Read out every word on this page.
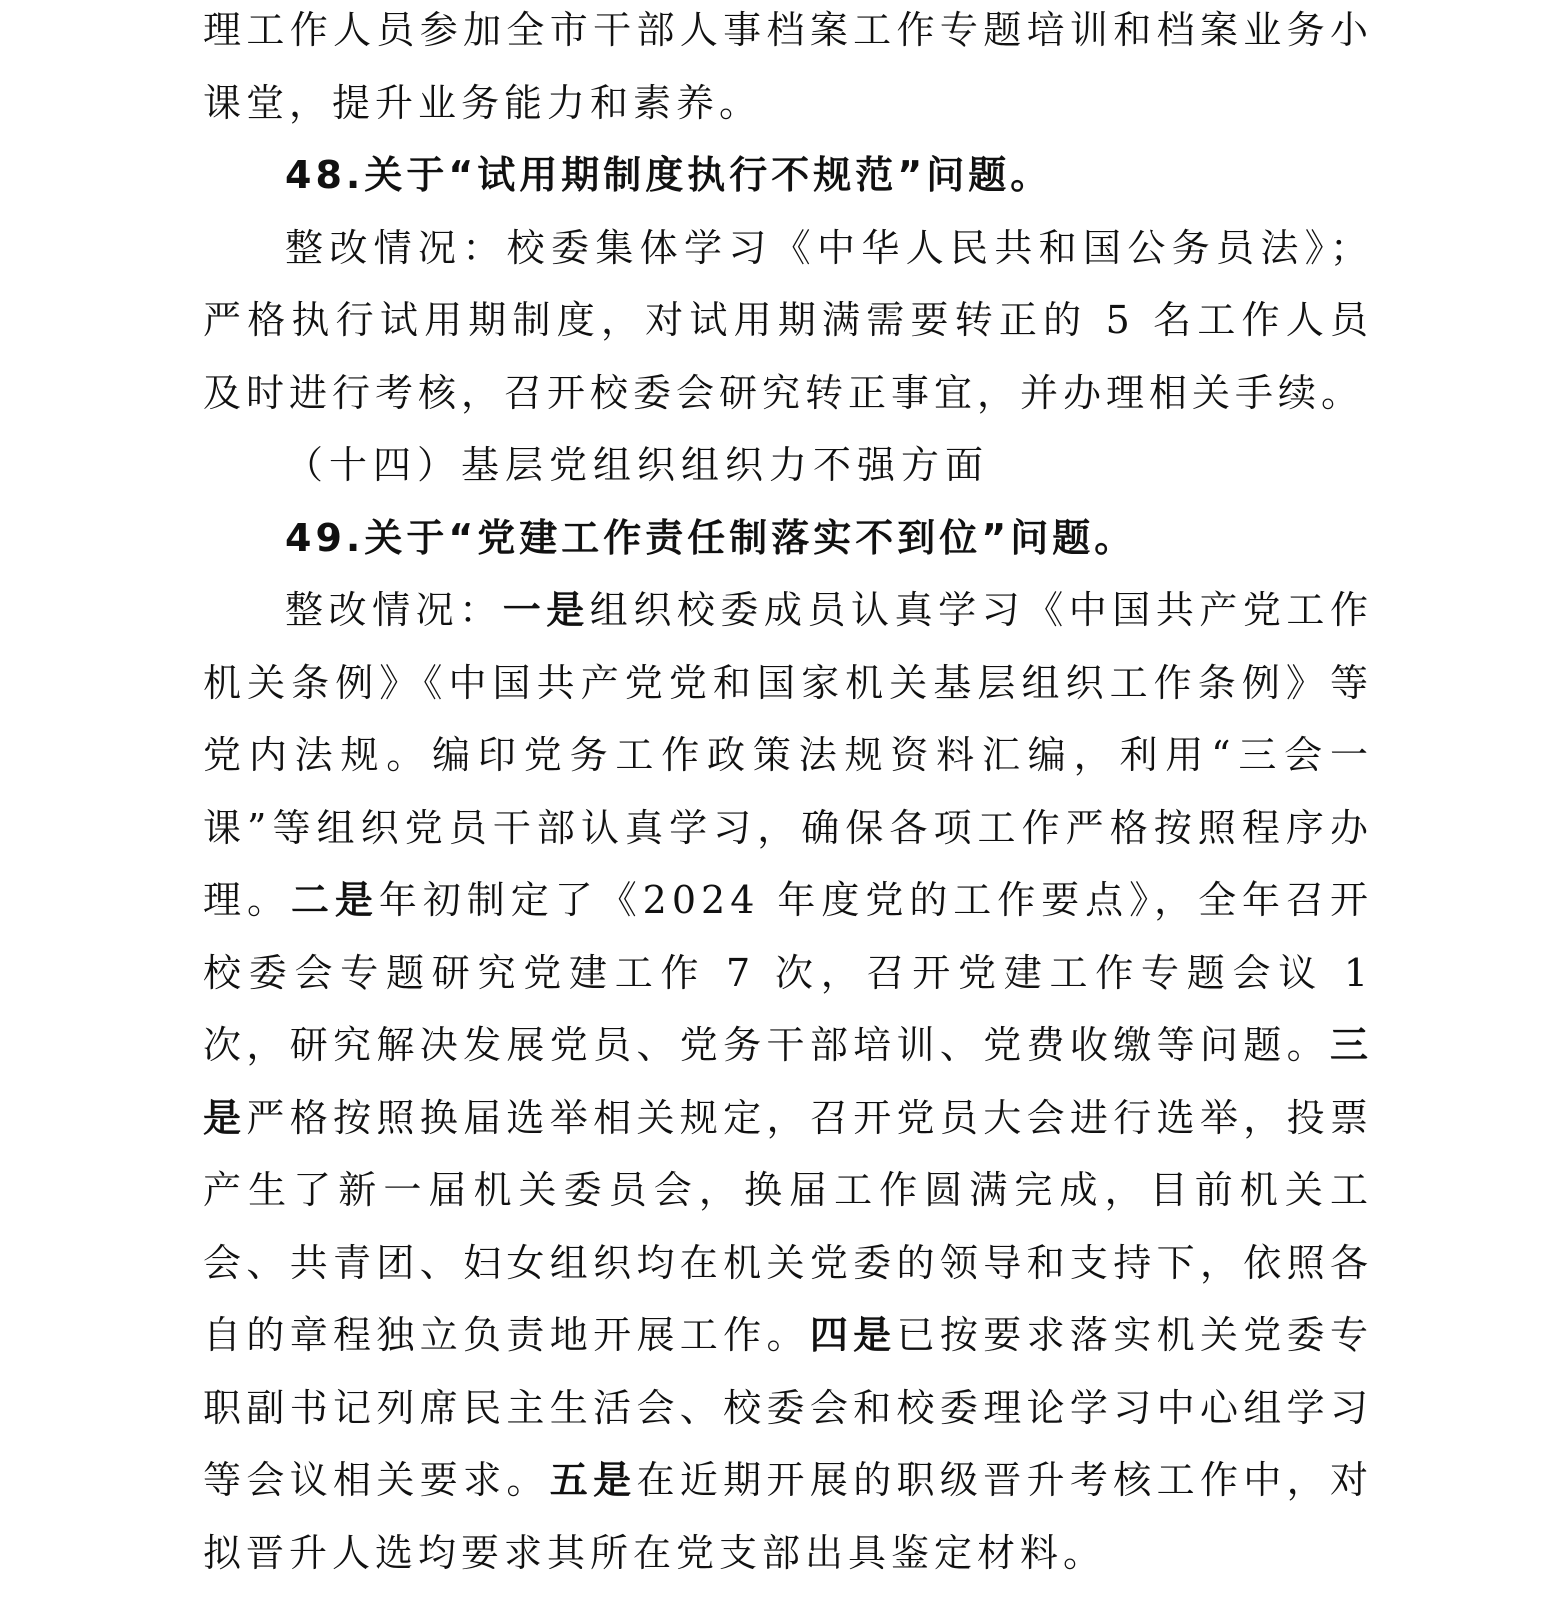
理工作人员参加全市干部人事档案工作专题培训和档案业务小课堂，提升业务能力和素养。

48.关于“试用期制度执行不规范”问题。

整改情况：校委集体学习《中华人民共和国公务员法》；严格执行试用期制度，对试用期满需要转正的 5 名工作人员及时进行考核，召开校委会研究转正事宜，并办理相关手续。

（十四）基层党组织组织力不强方面

49.关于“党建工作责任制落实不到位”问题。

整改情况：一是组织校委成员认真学习《中国共产党工作机关条例》《中国共产党党和国家机关基层组织工作条例》等党内法规。编印党务工作政策法规资料汇编，利用“三会一课”等组织党员干部认真学习，确保各项工作严格按照程序办理。二是年初制定了《2024 年度党的工作要点》，全年召开校委会专题研究党建工作 7 次，召开党建工作专题会议 1 次，研究解决发展党员、党务干部培训、党费收缴等问题。三是严格按照换届选举相关规定，召开党员大会进行选举，投票产生了新一届机关委员会，换届工作圆满完成，目前机关工会、共青团、妇女组织均在机关党委的领导和支持下，依照各自的章程独立负责地开展工作。四是已按要求落实机关党委专职副书记列席民主生活会、校委会和校委理论学习中心组学习等会议相关要求。五是在近期开展的职级晋升考核工作中，对拟晋升人选均要求其所在党支部出具鉴定材料。
